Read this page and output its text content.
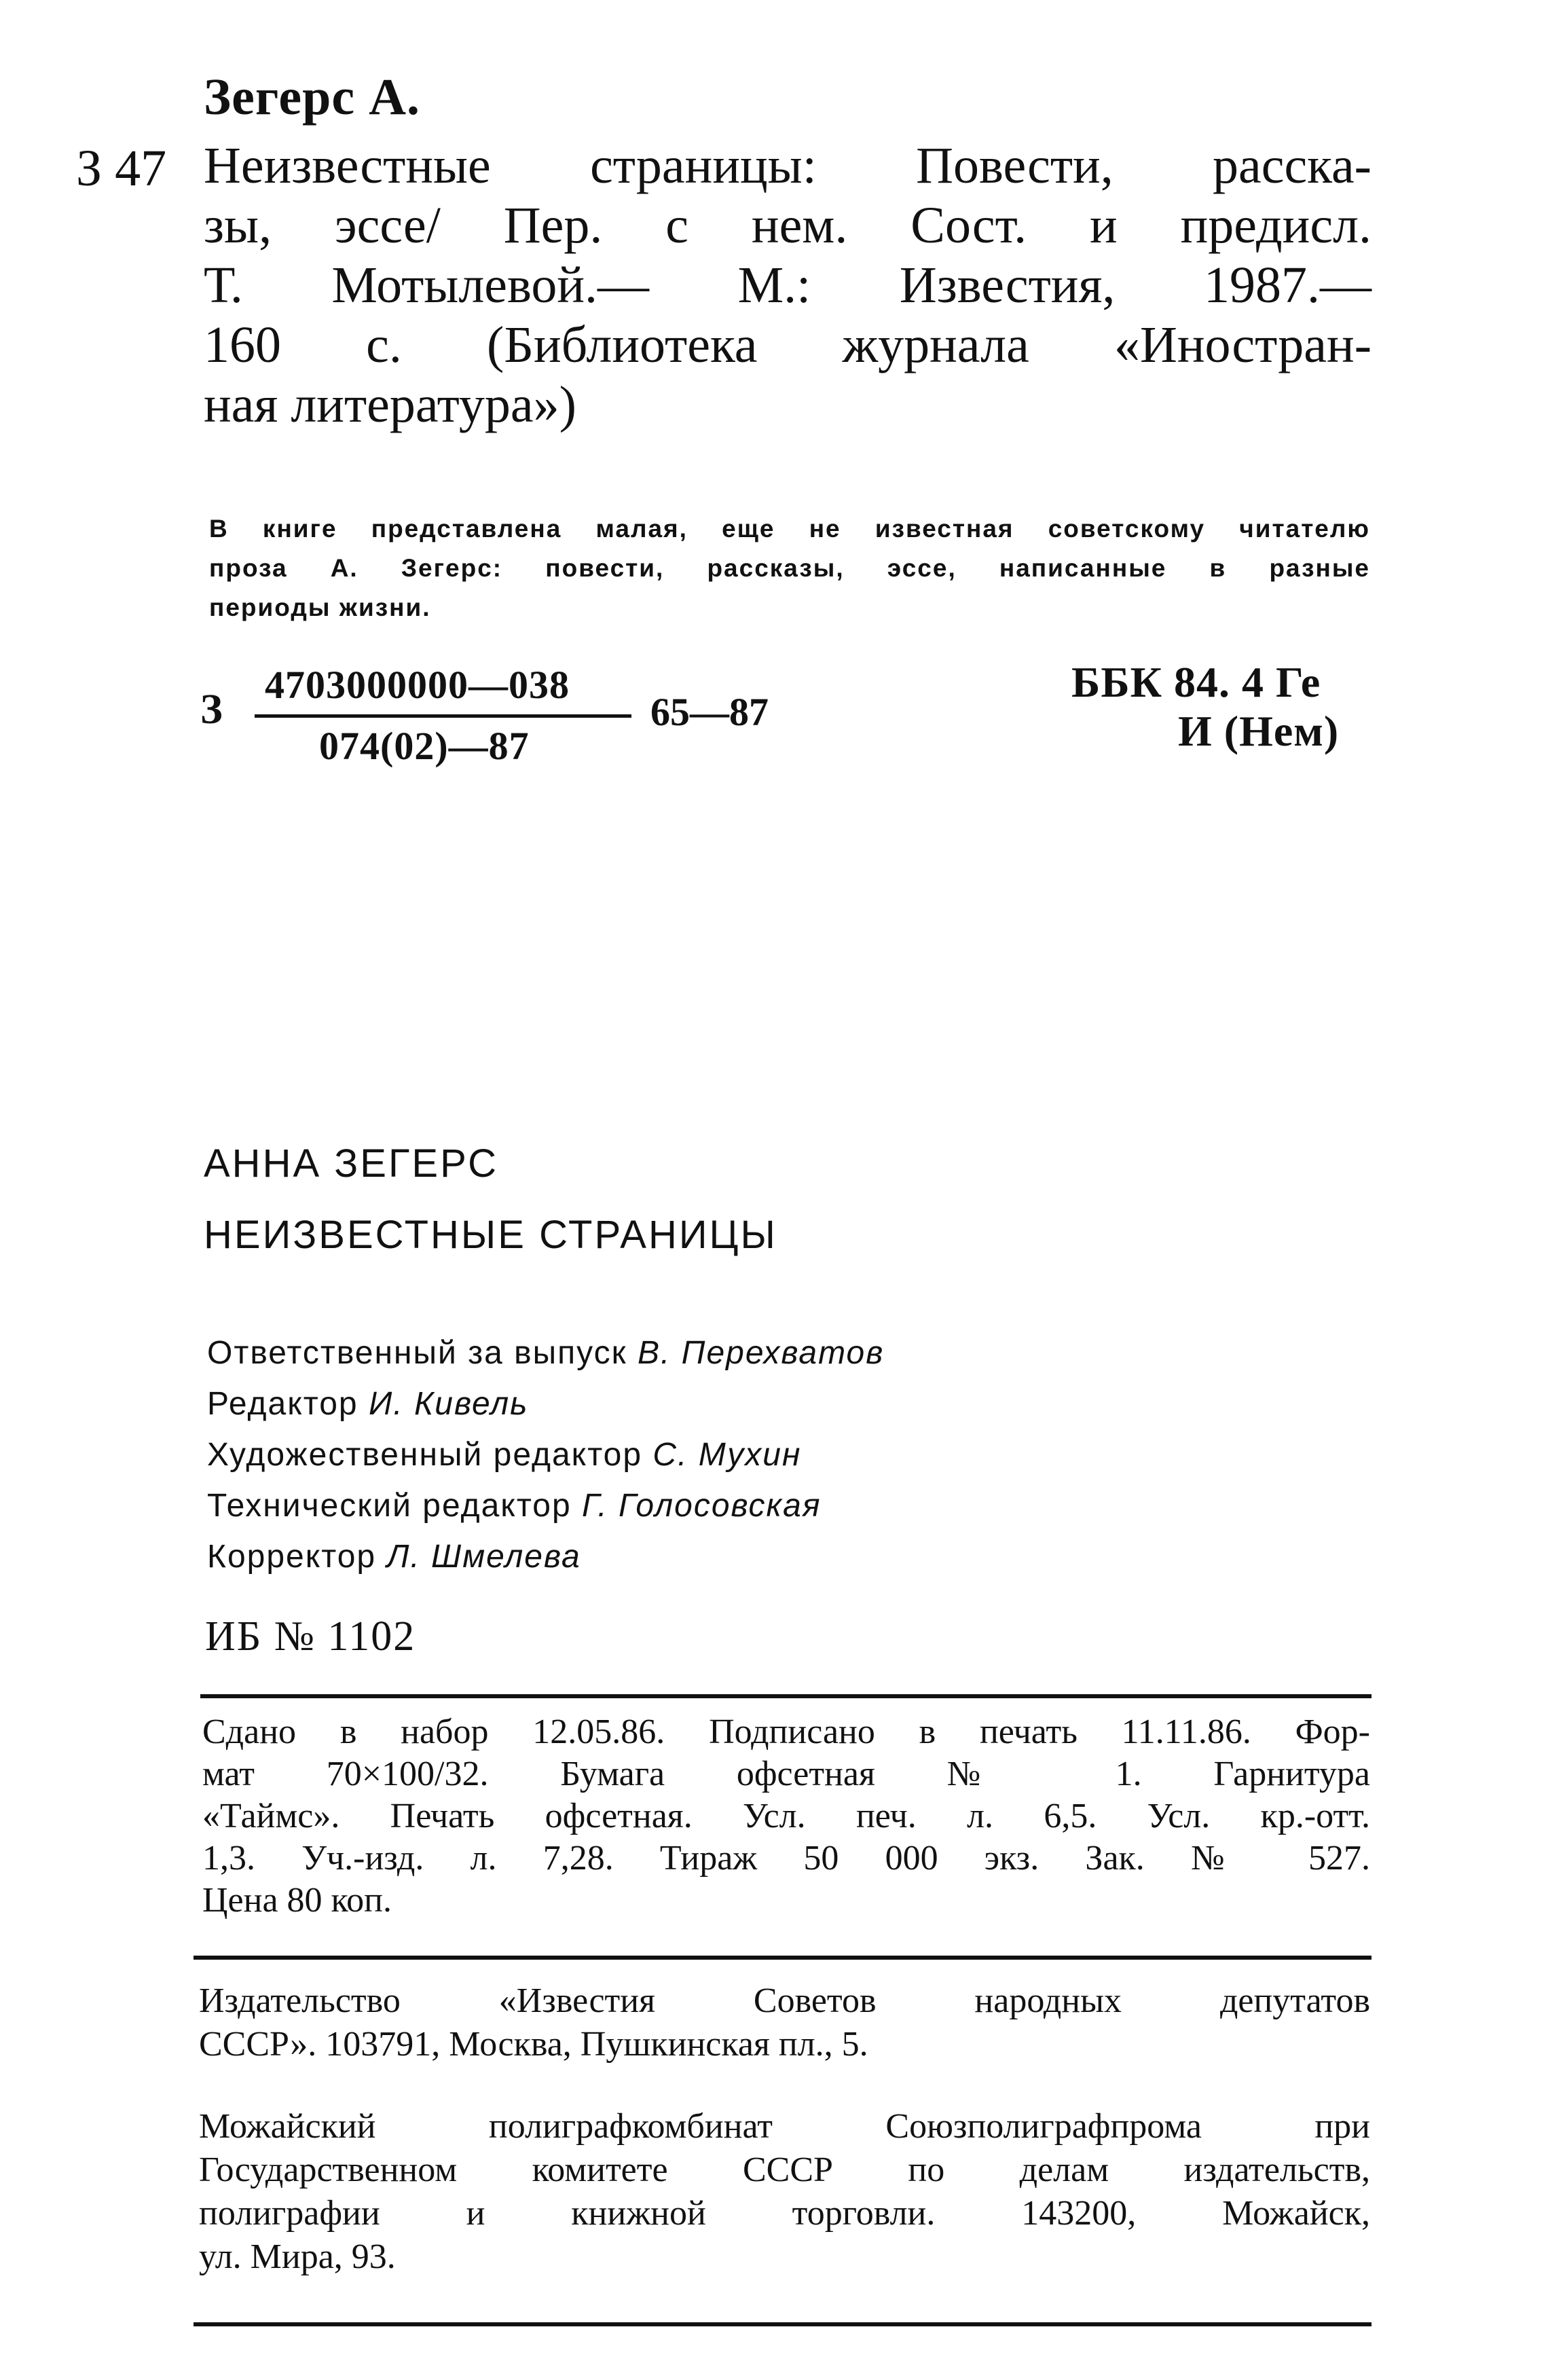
Зегерс А.
З 47 Неизвестные страницы: Повести, расска-
зы, эссе/ Пер. с нем. Сост. и предисл.
Т. Мотылевой.— М.: Известия, 1987.—
160 с. (Библиотека журнала «Иностран-
ная литература»)
В книге представлена малая, еще не известная советскому читателю
проза А. Зегерс: повести, рассказы, эссе, написанные в разные
периоды жизни.
З
4703000000—038
074(02)—87
65—87
ББК 84. 4 Ге
И (Нем)
АННА ЗЕГЕРС
НЕИЗВЕСТНЫЕ СТРАНИЦЫ
Ответственный за выпуск В. Перехватов
Редактор И. Кивель
Художественный редактор С. Мухин
Технический редактор Г. Голосовская
Корректор Л. Шмелева
ИБ № 1102
Сдано в набор 12.05.86. Подписано в печать 11.11.86. Фор-
мат 70×100/32. Бумага офсетная № 1. Гарнитура
«Таймс». Печать офсетная. Усл. печ. л. 6,5. Усл. кр.-отт.
1,3. Уч.-изд. л. 7,28. Тираж 50 000 экз. Зак. № 527.
Цена 80 коп.
Издательство «Известия Советов народных депутатов
СССР». 103791, Москва, Пушкинская пл., 5.
Можайский полиграфкомбинат Союзполиграфпрома при
Государственном комитете СССР по делам издательств,
полиграфии и книжной торговли. 143200, Можайск,
ул. Мира, 93.
